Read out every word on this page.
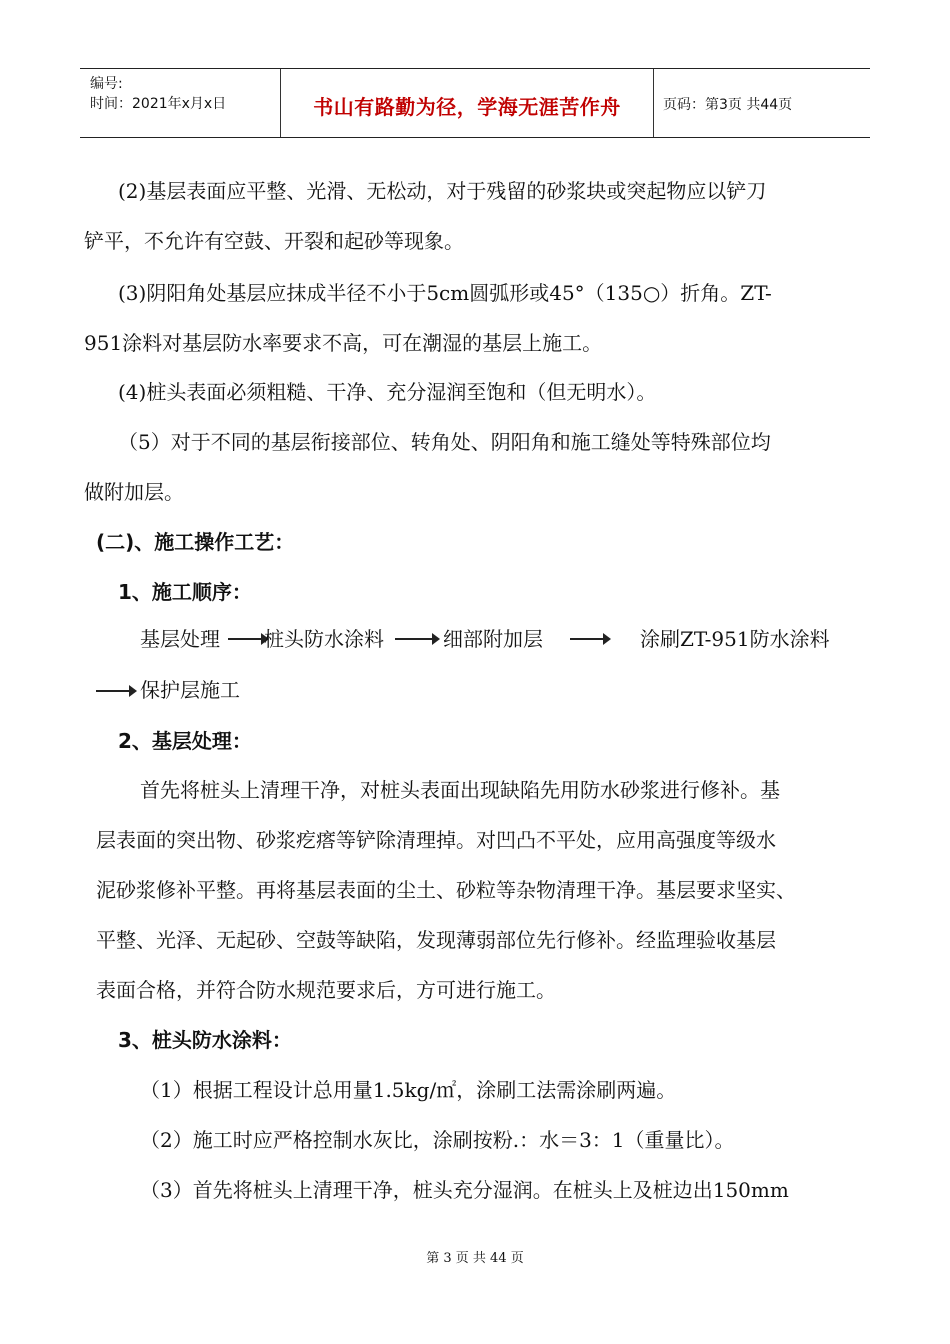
编号:
时间：2021年x月x日	书山有路勤为径，学海无涯苦作舟	页码：第3页 共44页
(2)基层表面应平整、光滑、无松动，对于残留的砂浆块或突起物应以铲刀
铲平，不允许有空鼓、开裂和起砂等现象。
(3)阴阳角处基层应抹成半径不小于5cm圆弧形或45°（135○）折角。ZT-
951涂料对基层防水率要求不高，可在潮湿的基层上施工。
(4)桩头表面必须粗糙、干净、充分湿润至饱和（但无明水）。
（5）对于不同的基层衔接部位、转角处、阴阳角和施工缝处等特殊部位均
做附加层。
(二)、施工操作工艺：
1、施工顺序：
基层处理 桩头防水涂料	细部附加层	涂刷ZT-951防水涂料
保护层施工
2、基层处理：
首先将桩头上清理干净，对桩头表面出现缺陷先用防水砂浆进行修补。基
层表面的突出物、砂浆疙瘩等铲除清理掉。对凹凸不平处，应用高强度等级水
泥砂浆修补平整。再将基层表面的尘土、砂粒等杂物清理干净。基层要求坚实、
平整、光泽、无起砂、空鼓等缺陷，发现薄弱部位先行修补。经监理验收基层
表面合格，并符合防水规范要求后，方可进行施工。
3、桩头防水涂料：
（1）根据工程设计总用量1.5kg/㎡，涂刷工法需涂刷两遍。
（2）施工时应严格控制水灰比，涂刷按粉.：水＝3：1（重量比）。
（3）首先将桩头上清理干净，桩头充分湿润。在桩头上及桩边出150mm
第 3 页 共 44 页
